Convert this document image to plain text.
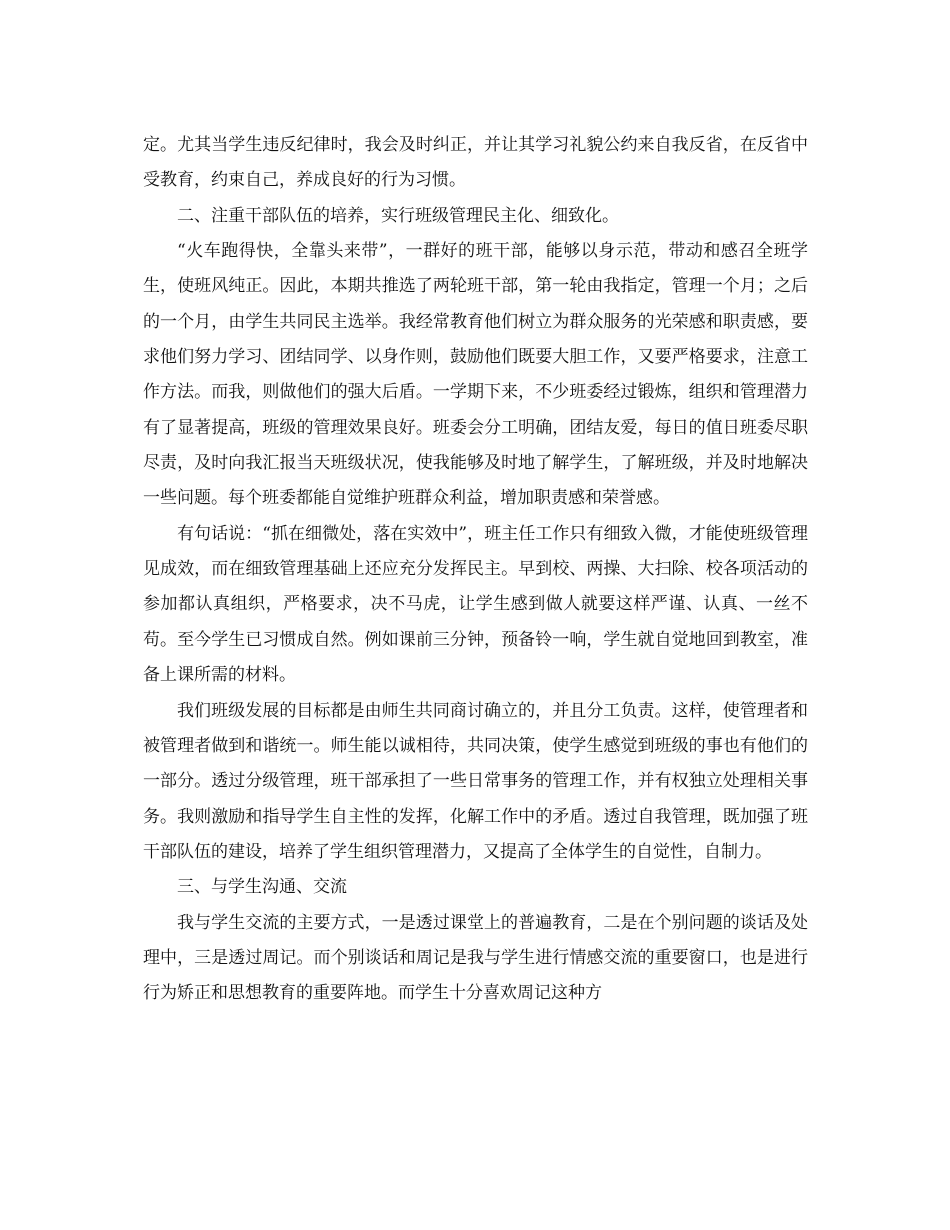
定。尤其当学生违反纪律时，我会及时纠正，并让其学习礼貌公约来自我反省，在反省中受教育，约束自己，养成良好的行为习惯。

二、注重干部队伍的培养，实行班级管理民主化、细致化。

“火车跑得快，全靠头来带”，一群好的班干部，能够以身示范，带动和感召全班学生，使班风纯正。因此，本期共推选了两轮班干部，第一轮由我指定，管理一个月；之后的一个月，由学生共同民主选举。我经常教育他们树立为群众服务的光荣感和职责感，要求他们努力学习、团结同学、以身作则，鼓励他们既要大胆工作，又要严格要求，注意工作方法。而我，则做他们的强大后盾。一学期下来，不少班委经过锻炼，组织和管理潜力有了显著提高，班级的管理效果良好。班委会分工明确，团结友爱，每日的值日班委尽职尽责，及时向我汇报当天班级状况，使我能够及时地了解学生，了解班级，并及时地解决一些问题。每个班委都能自觉维护班群众利益，增加职责感和荣誉感。

有句话说：“抓在细微处，落在实效中”，班主任工作只有细致入微，才能使班级管理见成效，而在细致管理基础上还应充分发挥民主。早到校、两操、大扫除、校各项活动的参加都认真组织，严格要求，决不马虎，让学生感到做人就要这样严谨、认真、一丝不苟。至今学生已习惯成自然。例如课前三分钟，预备铃一响，学生就自觉地回到教室，准备上课所需的材料。

我们班级发展的目标都是由师生共同商讨确立的，并且分工负责。这样，使管理者和被管理者做到和谐统一。师生能以诚相待，共同决策，使学生感觉到班级的事也有他们的一部分。透过分级管理，班干部承担了一些日常事务的管理工作，并有权独立处理相关事务。我则激励和指导学生自主性的发挥，化解工作中的矛盾。透过自我管理，既加强了班干部队伍的建设，培养了学生组织管理潜力，又提高了全体学生的自觉性，自制力。

三、与学生沟通、交流

我与学生交流的主要方式，一是透过课堂上的普遍教育，二是在个别问题的谈话及处理中，三是透过周记。而个别谈话和周记是我与学生进行情感交流的重要窗口，也是进行行为矫正和思想教育的重要阵地。而学生十分喜欢周记这种方
